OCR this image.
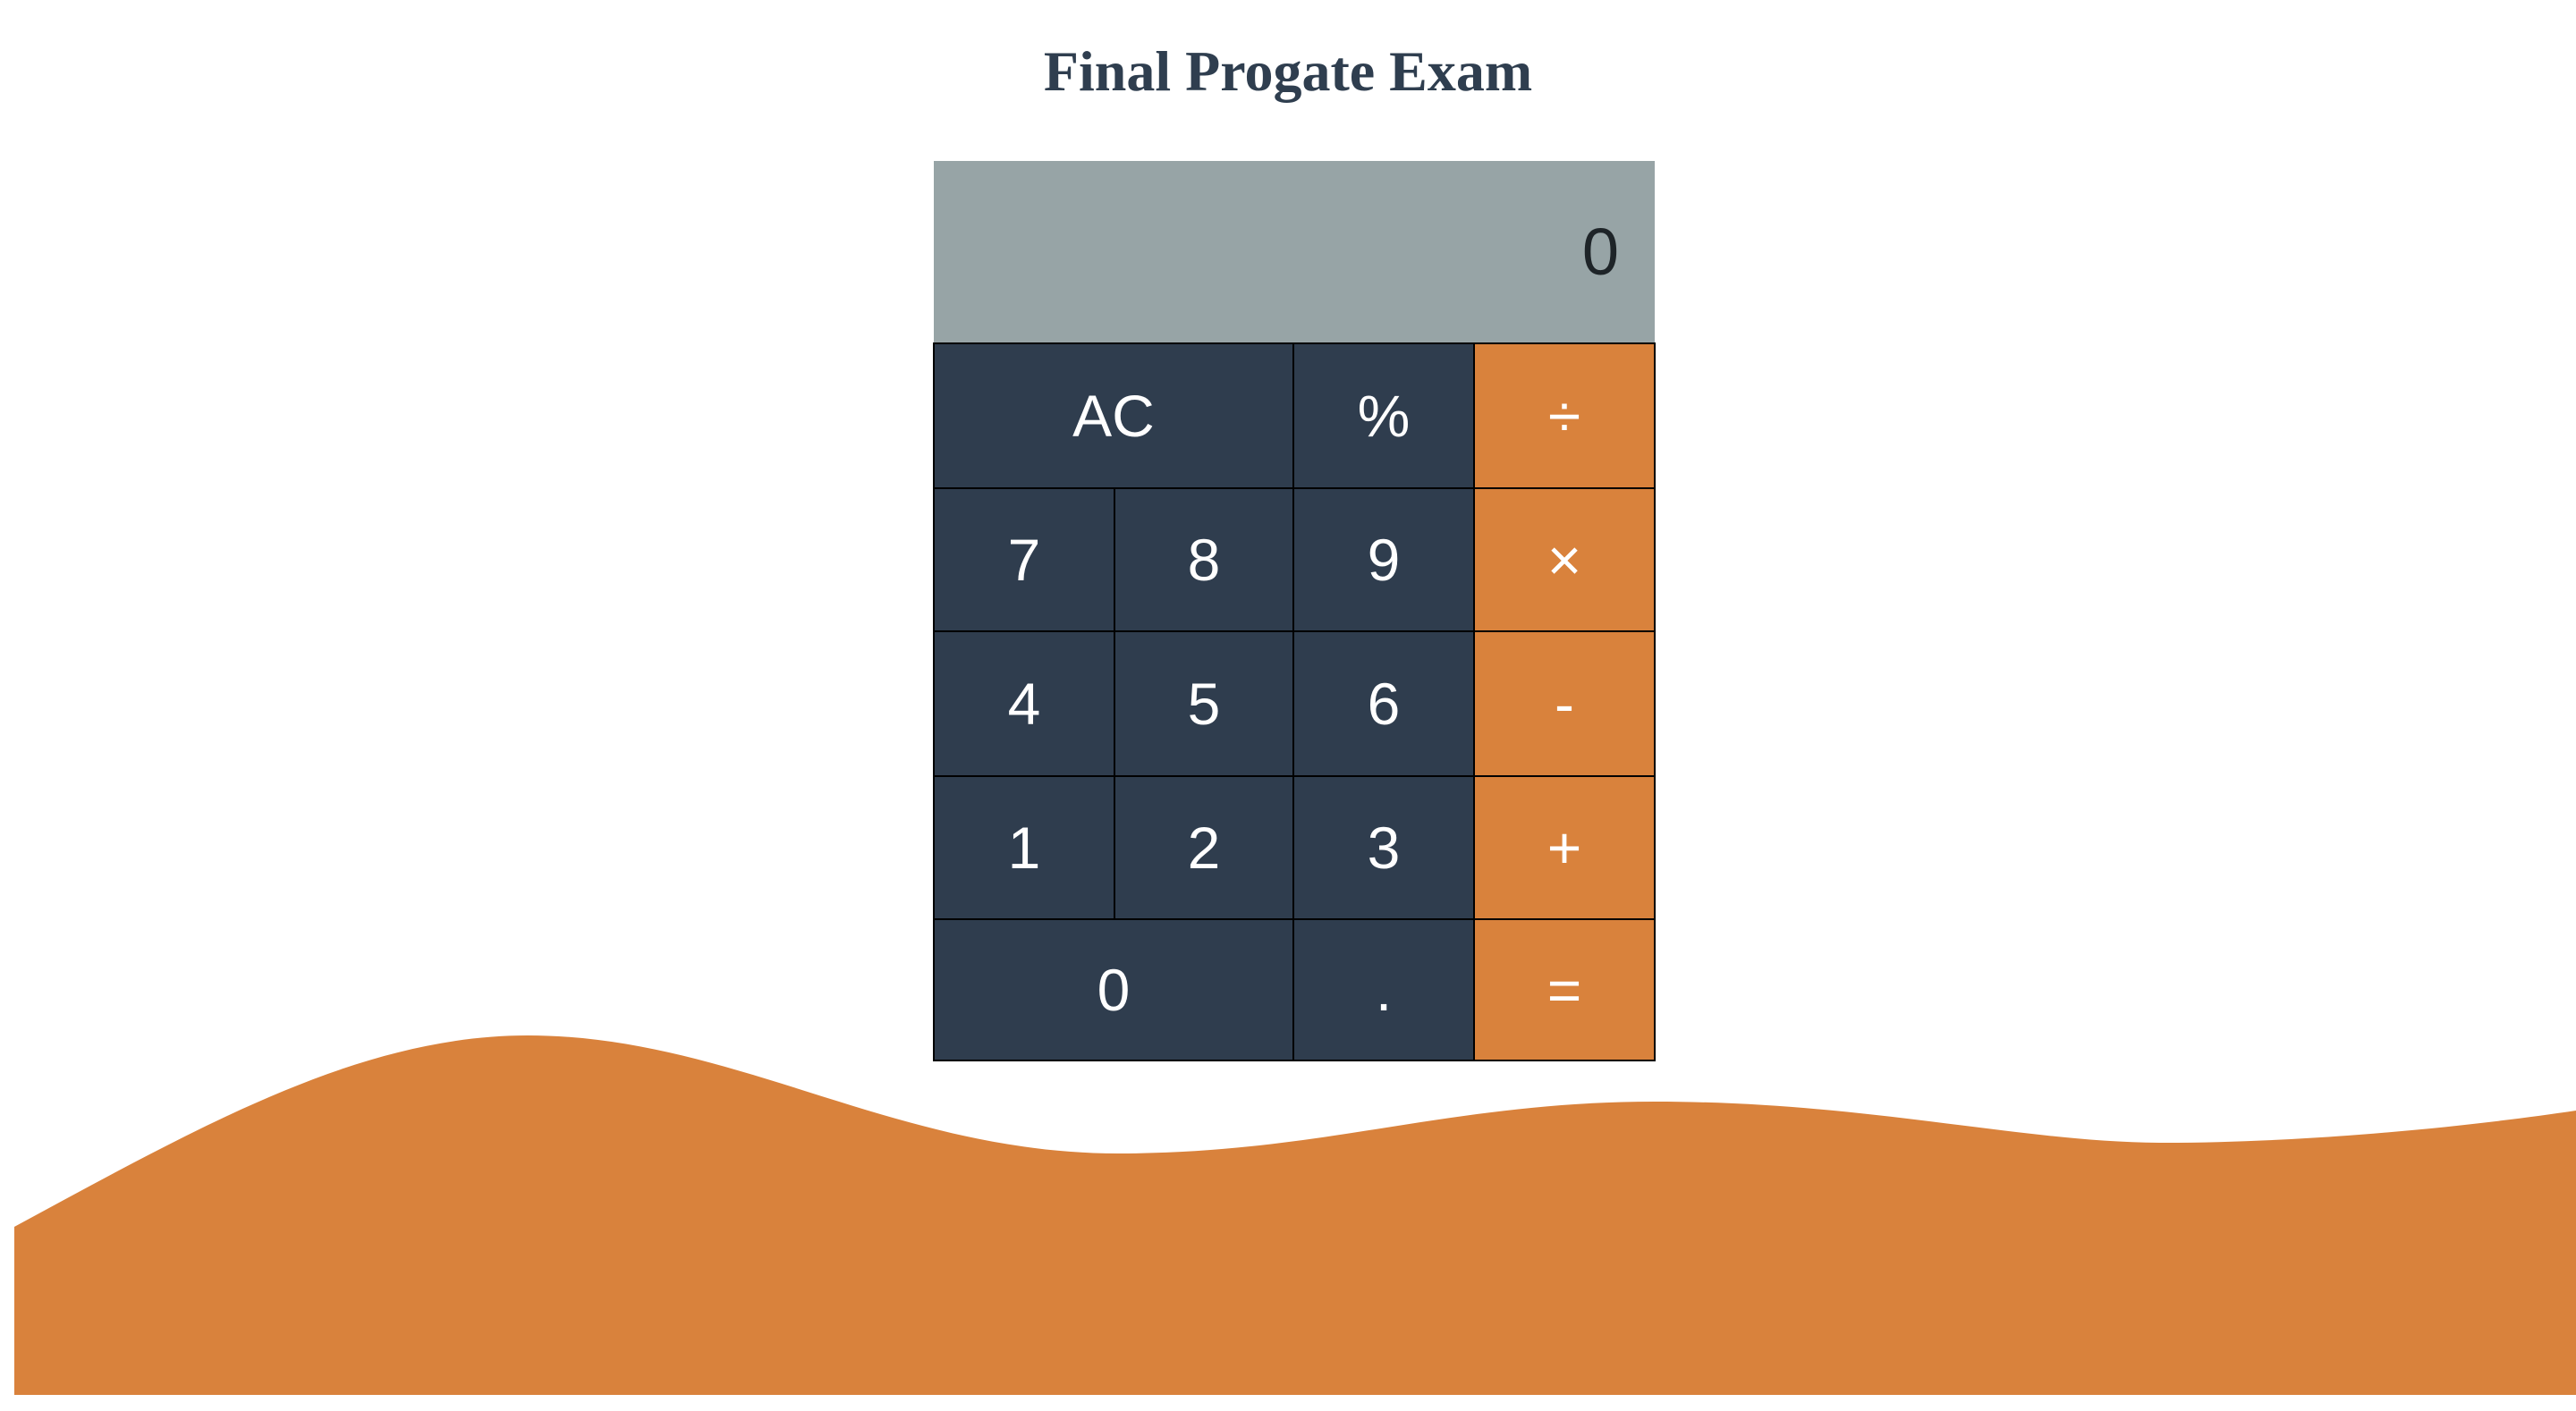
Final Progate Exam
0
AC	%	÷
7	8	9	×
4	5	6	-
1	2	3	+
0	.	=
